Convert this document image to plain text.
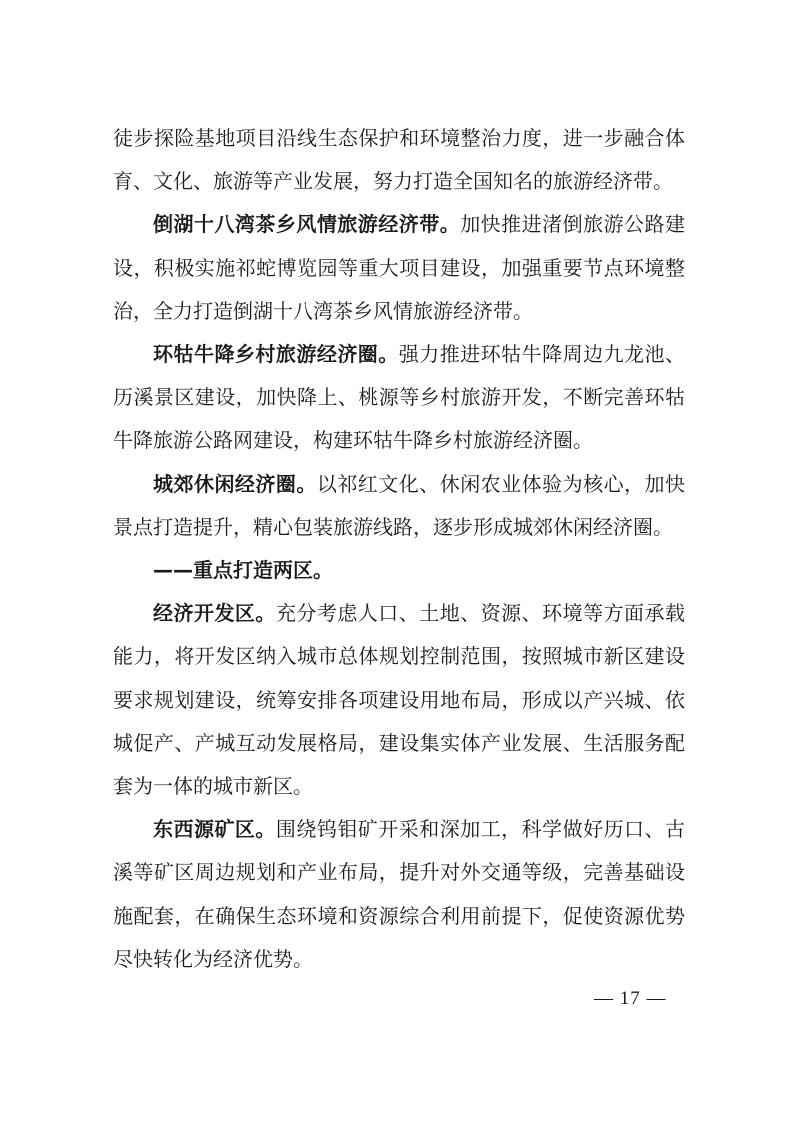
徒步探险基地项目沿线生态保护和环境整治力度，进一步融合体育、文化、旅游等产业发展，努力打造全国知名的旅游经济带。

倒湖十八湾茶乡风情旅游经济带。加快推进渚倒旅游公路建设，积极实施祁蛇博览园等重大项目建设，加强重要节点环境整治，全力打造倒湖十八湾茶乡风情旅游经济带。

环牯牛降乡村旅游经济圈。强力推进环牯牛降周边九龙池、历溪景区建设，加快降上、桃源等乡村旅游开发，不断完善环牯牛降旅游公路网建设，构建环牯牛降乡村旅游经济圈。

城郊休闲经济圈。以祁红文化、休闲农业体验为核心，加快景点打造提升，精心包装旅游线路，逐步形成城郊休闲经济圈。

——重点打造两区。

经济开发区。充分考虑人口、土地、资源、环境等方面承载能力，将开发区纳入城市总体规划控制范围，按照城市新区建设要求规划建设，统筹安排各项建设用地布局，形成以产兴城、依城促产、产城互动发展格局，建设集实体产业发展、生活服务配套为一体的城市新区。

东西源矿区。围绕钨钼矿开采和深加工，科学做好历口、古溪等矿区周边规划和产业布局，提升对外交通等级，完善基础设施配套，在确保生态环境和资源综合利用前提下，促使资源优势尽快转化为经济优势。

— 17 —
